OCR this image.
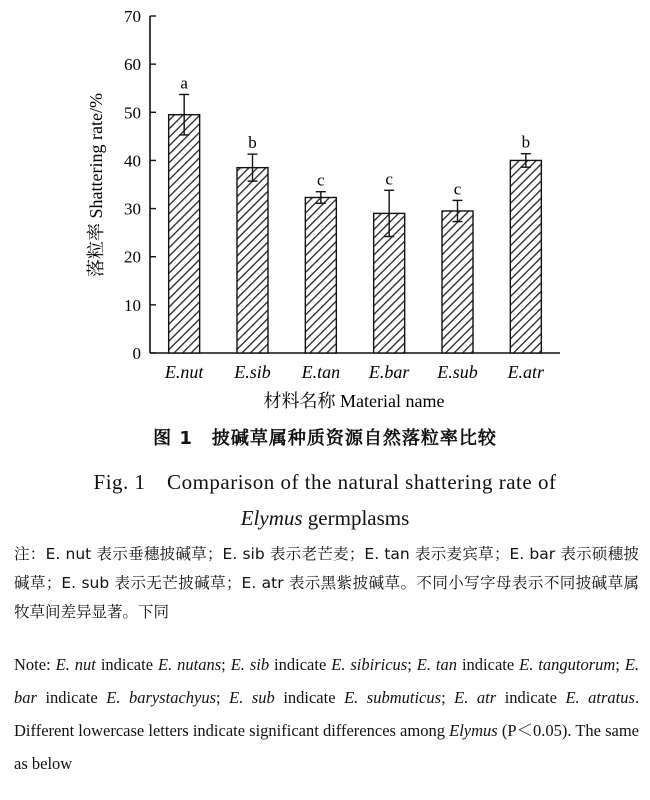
0
10
20
30
40
50
60
70
a
E.nut
b
E.sib
c
E.tan
c
E.bar
c
E.sub
b
E.atr
落粒率 Shattering rate/%
材料名称 Material name
图 1　披碱草属种质资源自然落粒率比较
Fig. 1　Comparison of the natural shattering rate of
Elymus germplasms
注：E. nut 表示垂穗披碱草；E. sib 表示老芒麦；E. tan 表示麦宾草；E. bar 表示硕穗披碱草；E. sub 表示无芒披碱草；E. atr 表示黑紫披碱草。不同小写字母表示不同披碱草属牧草间差异显著。下同
Note: E. nut indicate E. nutans; E. sib indicate E. sibiricus; E. tan indicate E. tangutorum; E. bar indicate E. barystachyus; E. sub indicate E. submuticus; E. atr indicate E. atratus. Different lowercase letters indicate significant differences among Elymus (P＜0.05). The same as below
